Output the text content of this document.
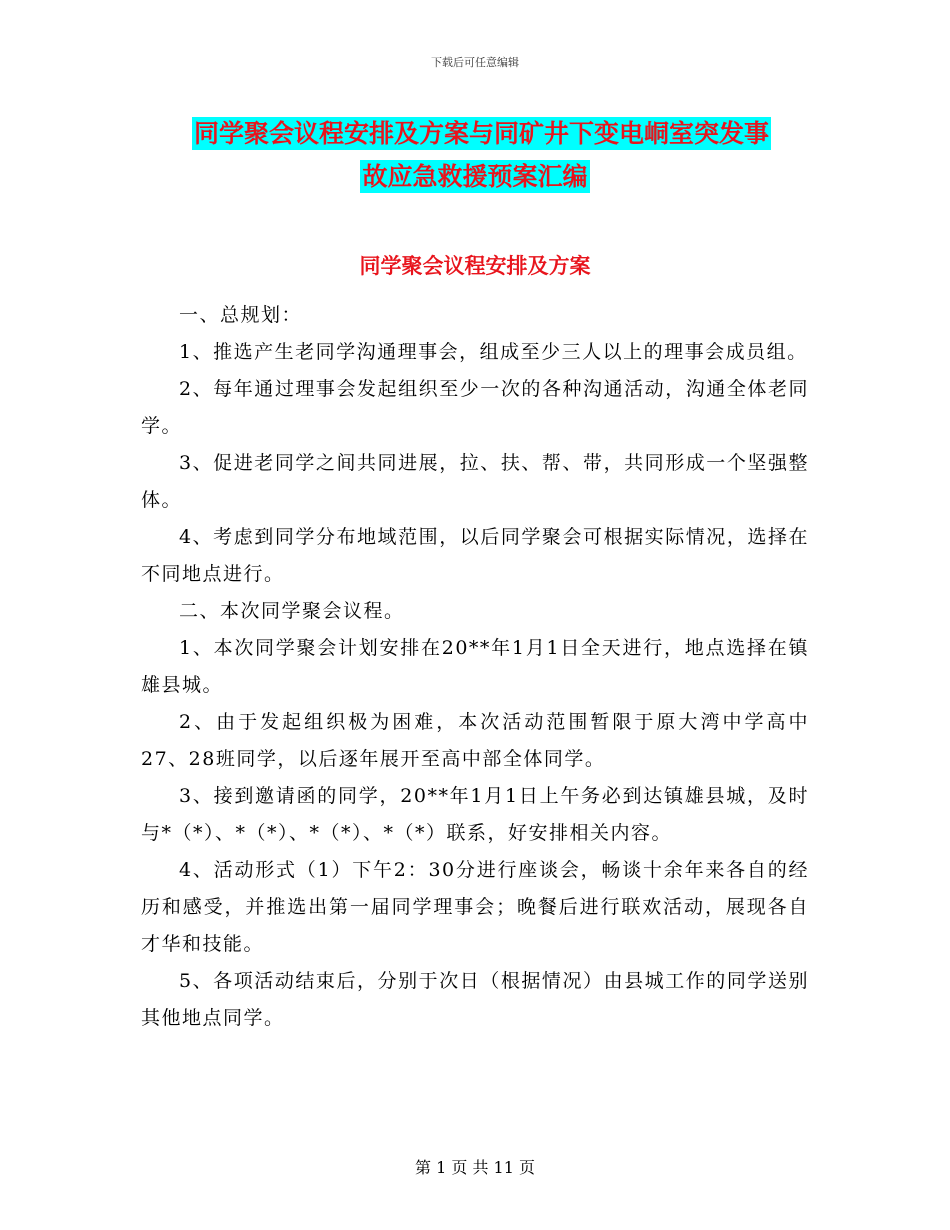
下载后可任意编辑
同学聚会议程安排及方案与同矿井下变电峒室突发事
故应急救援预案汇编
同学聚会议程安排及方案

一、总规划：

1、推选产生老同学沟通理事会，组成至少三人以上的理事会成员组。

2、每年通过理事会发起组织至少一次的各种沟通活动，沟通全体老同学。

3、促进老同学之间共同进展，拉、扶、帮、带，共同形成一个坚强整体。

4、考虑到同学分布地域范围，以后同学聚会可根据实际情况，选择在不同地点进行。

二、本次同学聚会议程。

1、本次同学聚会计划安排在20**年1月1日全天进行，地点选择在镇雄县城。

2、由于发起组织极为困难，本次活动范围暂限于原大湾中学高中27、28班同学，以后逐年展开至高中部全体同学。

3、接到邀请函的同学，20**年1月1日上午务必到达镇雄县城，及时与*（*）、*（*）、*（*）、*（*）联系，好安排相关内容。

4、活动形式（1）下午2：30分进行座谈会，畅谈十余年来各自的经历和感受，并推选出第一届同学理事会；晚餐后进行联欢活动，展现各自才华和技能。

5、各项活动结束后，分别于次日（根据情况）由县城工作的同学送别其他地点同学。

第 1 页 共 11 页
